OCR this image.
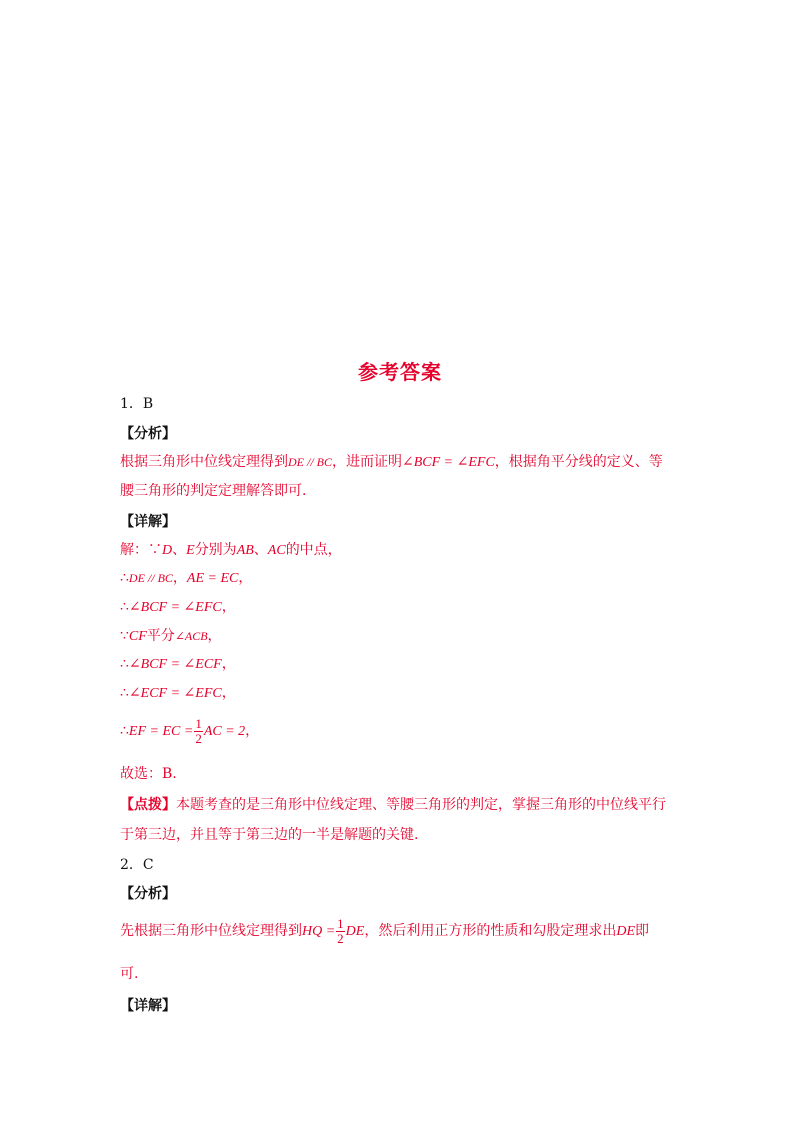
参考答案
1．B
【分析】
根据三角形中位线定理得到DE // BC，进而证明∠BCF = ∠EFC，根据角平分线的定义、等
腰三角形的判定定理解答即可.
【详解】
解：∵D、E分别为AB、AC的中点，
∴DE // BC，AE = EC，
∴∠BCF = ∠EFC，
∵CF平分∠ACB，
∴∠BCF = ∠ECF，
∴∠ECF = ∠EFC，
∴EF = EC = $\frac{1}{2}$ AC = 2，
故选：B.
【点拨】本题考查的是三角形中位线定理、等腰三角形的判定，掌握三角形的中位线平行
于第三边，并且等于第三边的一半是解题的关键.
2．C
【分析】
先根据三角形中位线定理得到HQ = $\frac{1}{2}$ DE，然后利用正方形的性质和勾股定理求出DE即
可.
【详解】
